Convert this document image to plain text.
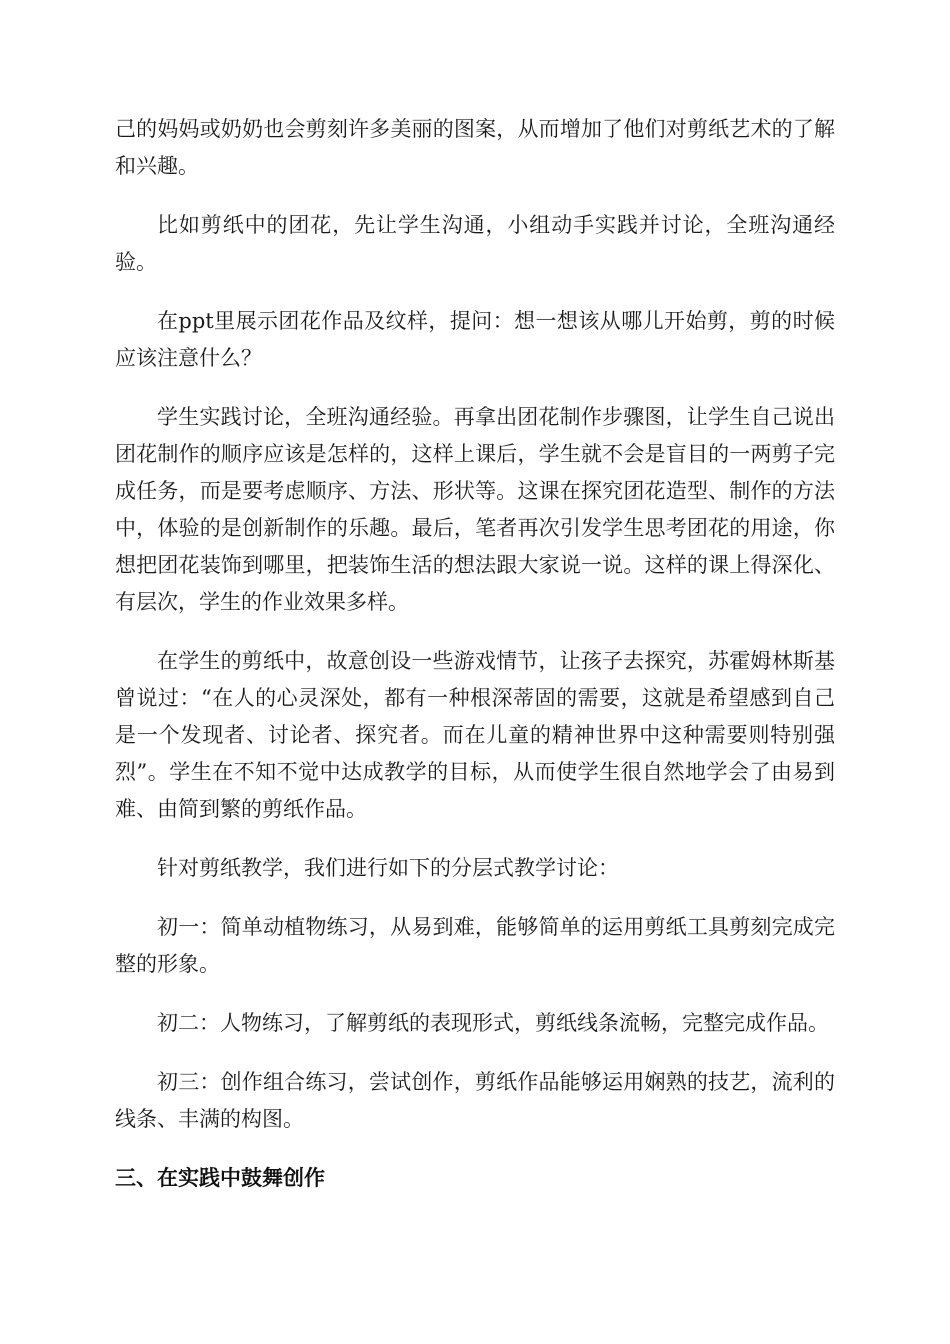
己的妈妈或奶奶也会剪刻许多美丽的图案，从而增加了他们对剪纸艺术的了解和兴趣。

比如剪纸中的团花，先让学生沟通，小组动手实践并讨论，全班沟通经验。

在ppt里展示团花作品及纹样，提问：想一想该从哪儿开始剪，剪的时候应该注意什么？

学生实践讨论，全班沟通经验。再拿出团花制作步骤图，让学生自己说出团花制作的顺序应该是怎样的，这样上课后，学生就不会是盲目的一两剪子完成任务，而是要考虑顺序、方法、形状等。这课在探究团花造型、制作的方法中，体验的是创新制作的乐趣。最后，笔者再次引发学生思考团花的用途，你想把团花装饰到哪里，把装饰生活的想法跟大家说一说。这样的课上得深化、有层次，学生的作业效果多样。

在学生的剪纸中，故意创设一些游戏情节，让孩子去探究，苏霍姆林斯基曾说过：“在人的心灵深处，都有一种根深蒂固的需要，这就是希望感到自己是一个发现者、讨论者、探究者。而在儿童的精神世界中这种需要则特别强烈”。学生在不知不觉中达成教学的目标，从而使学生很自然地学会了由易到难、由简到繁的剪纸作品。

针对剪纸教学，我们进行如下的分层式教学讨论：

初一：简单动植物练习，从易到难，能够简单的运用剪纸工具剪刻完成完整的形象。

初二：人物练习，了解剪纸的表现形式，剪纸线条流畅，完整完成作品。

初三：创作组合练习，尝试创作，剪纸作品能够运用娴熟的技艺，流利的线条、丰满的构图。

三、在实践中鼓舞创作
